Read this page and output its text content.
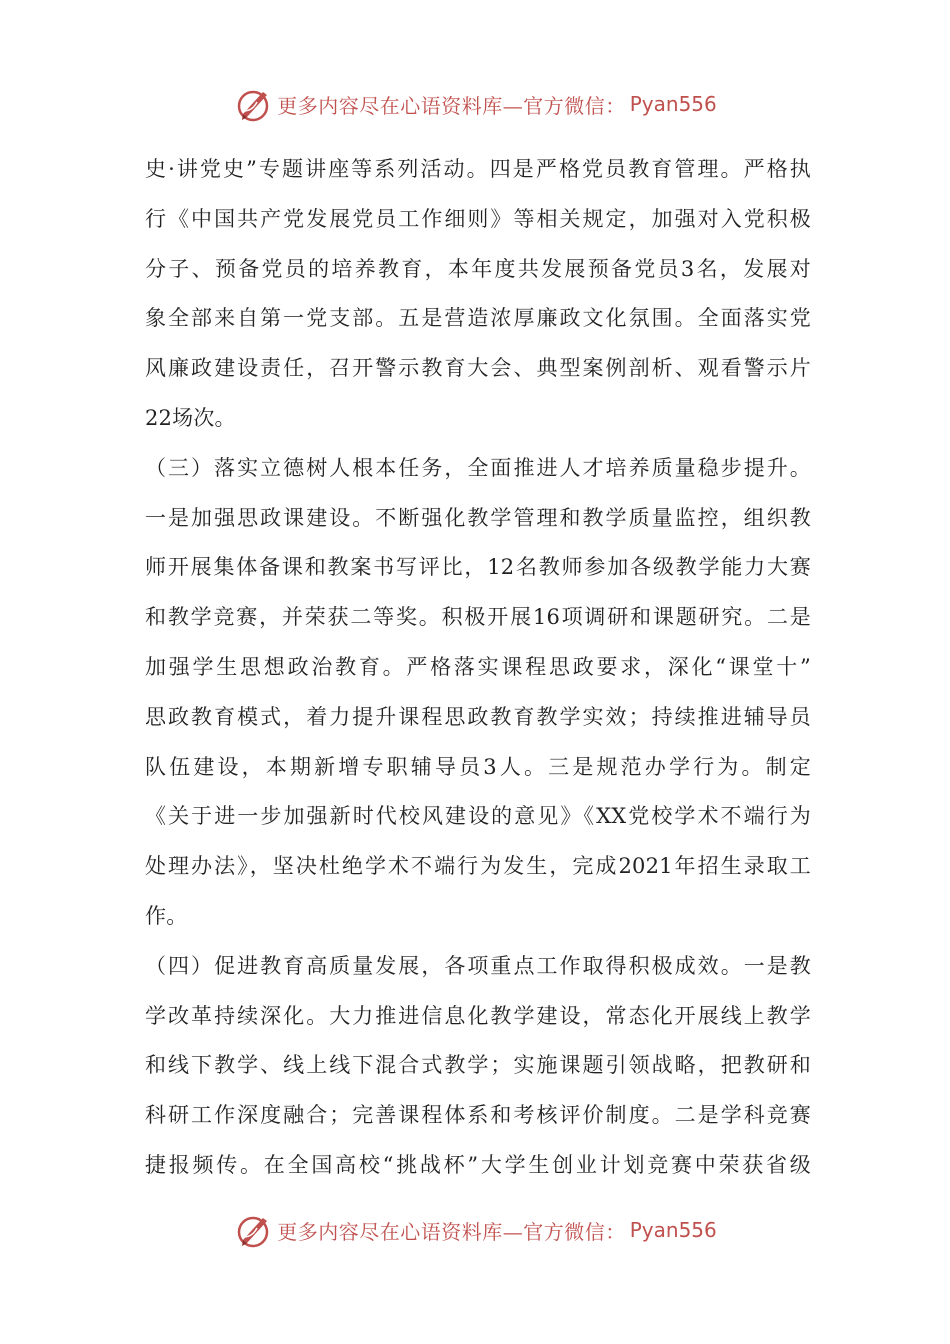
更多内容尽在心语资料库—官方微信： Pyan556
史·讲党史”专题讲座等系列活动。四是严格党员教育管理。严格执
行《中国共产党发展党员工作细则》等相关规定，加强对入党积极
分子、预备党员的培养教育，本年度共发展预备党员3名，发展对
象全部来自第一党支部。五是营造浓厚廉政文化氛围。全面落实党
风廉政建设责任，召开警示教育大会、典型案例剖析、观看警示片
22场次。
（三）落实立德树人根本任务，全面推进人才培养质量稳步提升。
一是加强思政课建设。不断强化教学管理和教学质量监控，组织教
师开展集体备课和教案书写评比，12名教师参加各级教学能力大赛
和教学竞赛，并荣获二等奖。积极开展16项调研和课题研究。二是
加强学生思想政治教育。严格落实课程思政要求，深化“课堂十”
思政教育模式，着力提升课程思政教育教学实效；持续推进辅导员
队伍建设，本期新增专职辅导员3人。三是规范办学行为。制定
《关于进一步加强新时代校风建设的意见》《XX党校学术不端行为
处理办法》，坚决杜绝学术不端行为发生，完成2021年招生录取工
作。
（四）促进教育高质量发展，各项重点工作取得积极成效。一是教
学改革持续深化。大力推进信息化教学建设，常态化开展线上教学
和线下教学、线上线下混合式教学；实施课题引领战略，把教研和
科研工作深度融合；完善课程体系和考核评价制度。二是学科竞赛
捷报频传。在全国高校“挑战杯”大学生创业计划竞赛中荣获省级
更多内容尽在心语资料库—官方微信： Pyan556
